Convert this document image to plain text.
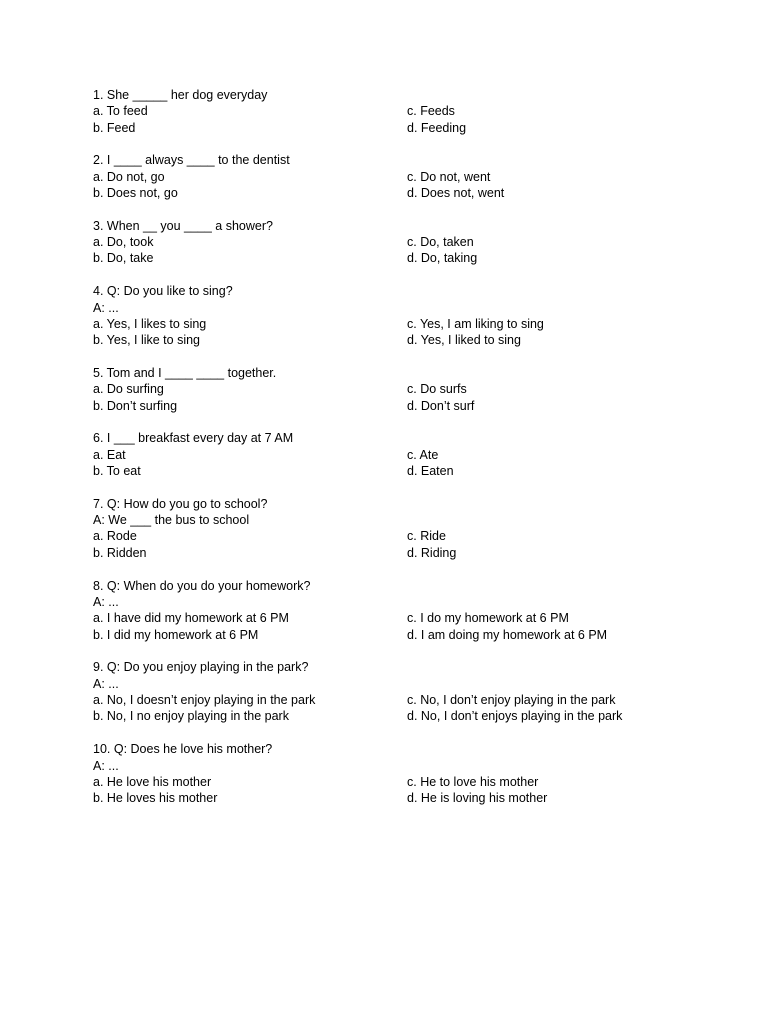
1. She _____ her dog everyday
a. To feed
b. Feed
c. Feeds
d. Feeding
2. I ____ always ____ to the dentist
a. Do not, go
b. Does not, go
c. Do not, went
d. Does not, went
3. When __ you ____ a shower?
a. Do, took
b. Do, take
c. Do, taken
d. Do, taking
4. Q: Do you like to sing?
A: ...
a. Yes, I likes to sing
b. Yes, I like to sing
c. Yes, I am liking to sing
d. Yes, I liked to sing
5. Tom and I ____ ____ together.
a. Do surfing
b. Don’t surfing
c. Do surfs
d. Don’t surf
6. I ___ breakfast every day at 7 AM
a. Eat
b. To eat
c. Ate
d. Eaten
7. Q: How do you go to school?
A: We ___ the bus to school
a. Rode
b. Ridden
c. Ride
d. Riding
8. Q: When do you do your homework?
A: ...
a. I have did my homework at 6 PM
b. I did my homework at 6 PM
c. I do my homework at 6 PM
d. I am doing my homework at 6 PM
9. Q: Do you enjoy playing in the park?
A: ...
a. No, I doesn’t enjoy playing in the park
b. No, I no enjoy playing in the park
c. No, I don’t enjoy playing in the park
d. No, I don’t enjoys playing in the park
10. Q: Does he love his mother?
A: ...
a. He love his mother
b. He loves his mother
c. He to love his mother
d. He is loving his mother
